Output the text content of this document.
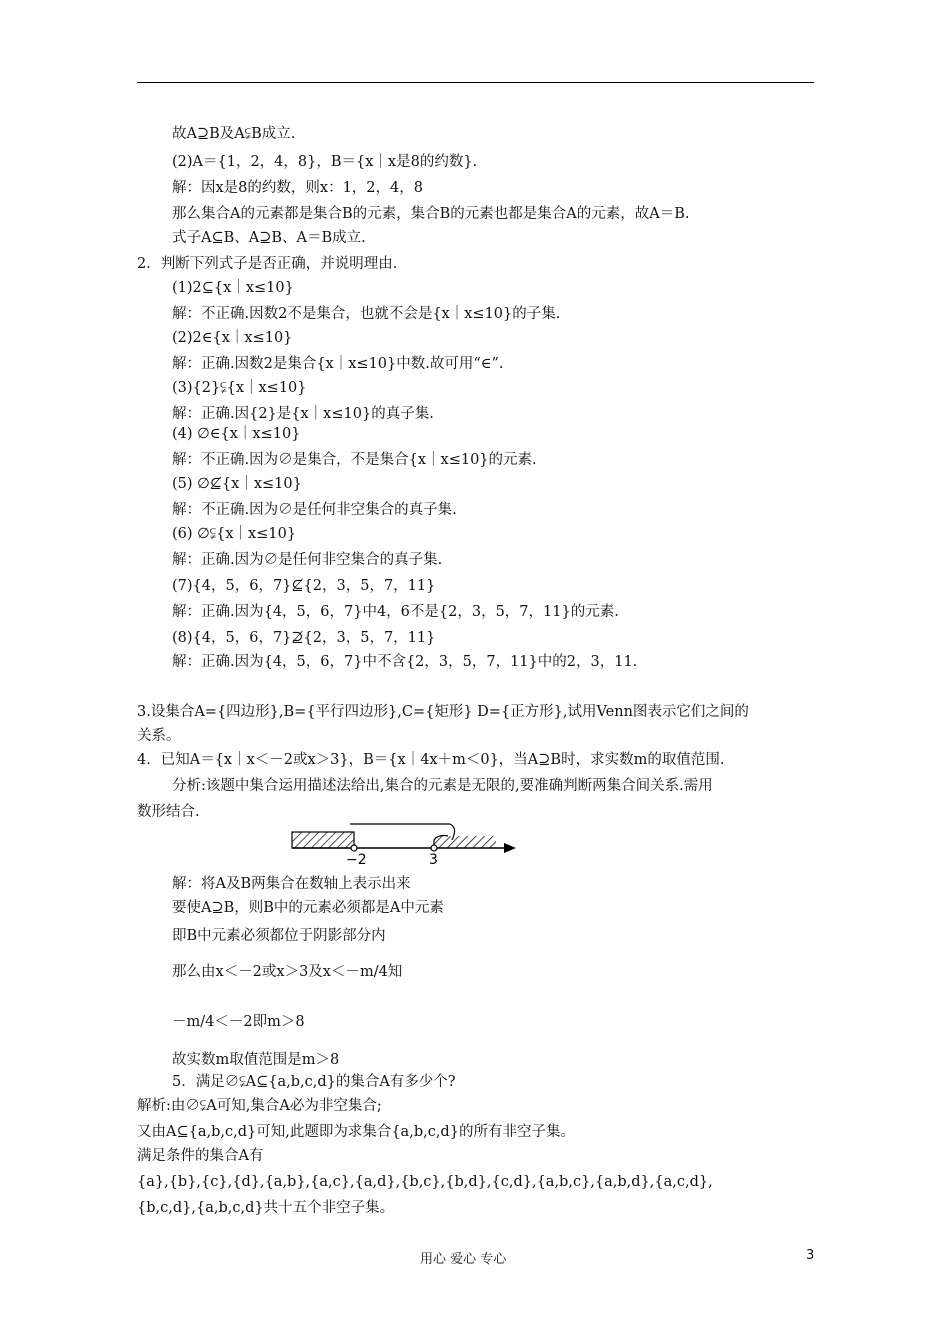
故A⊇B及A⫋B成立.
(2)A＝{1，2，4，8}，B＝{x｜x是8的约数}.
解：因x是8的约数，则x：1，2，4，8
那么集合A的元素都是集合B的元素，集合B的元素也都是集合A的元素，故A＝B.
式子A⊆B、A⊇B、A＝B成立.
2．判断下列式子是否正确，并说明理由.
(1)2⊆{x｜x≤10}
解：不正确.因数2不是集合，也就不会是{x｜x≤10}的子集.
(2)2∈{x｜x≤10}
解：正确.因数2是集合{x｜x≤10}中数.故可用“∈”.
(3){2}⫋{x｜x≤10}
解：正确.因{2}是{x｜x≤10}的真子集.
(4) ∅∈{x｜x≤10}
解：不正确.因为∅是集合，不是集合{x｜x≤10}的元素.
(5) ∅⊈{x｜x≤10}
解：不正确.因为∅是任何非空集合的真子集.
(6) ∅⫋{x｜x≤10}
解：正确.因为∅是任何非空集合的真子集.
(7){4，5，6，7}⊈{2，3，5，7，11}
解：正确.因为{4，5，6，7}中4，6不是{2，3，5，7，11}的元素.
(8){4，5，6，7}⊉{2，3，5，7，11}
解：正确.因为{4，5，6，7}中不含{2，3，5，7，11}中的2，3，11.
3.设集合A={四边形},B={平行四边形},C={矩形} D={正方形},试用Venn图表示它们之间的
关系。
4．已知A＝{x｜x＜－2或x＞3}，B＝{x｜4x＋m＜0}，当A⊇B时，求实数m的取值范围.
分析:该题中集合运用描述法给出,集合的元素是无限的,要准确判断两集合间关系.需用
数形结合.
解：将A及B两集合在数轴上表示出来
要使A⊇B，则B中的元素必须都是A中元素
即B中元素必须都位于阴影部分内
那么由x＜－2或x＞3及x＜－m/4知
－m/4＜－2即m＞8
故实数m取值范围是m＞8
5．满足∅⫋A⊆{a,b,c,d}的集合A有多少个?
解析:由∅⫋A可知,集合A必为非空集合;
又由A⊆{a,b,c,d}可知,此题即为求集合{a,b,c,d}的所有非空子集。
满足条件的集合A有
{a},{b},{c},{d},{a,b},{a,c},{a,d},{b,c},{b,d},{c,d},{a,b,c},{a,b,d},{a,c,d},
{b,c,d},{a,b,c,d}共十五个非空子集。
−2	3
用心 爱心 专心	3
